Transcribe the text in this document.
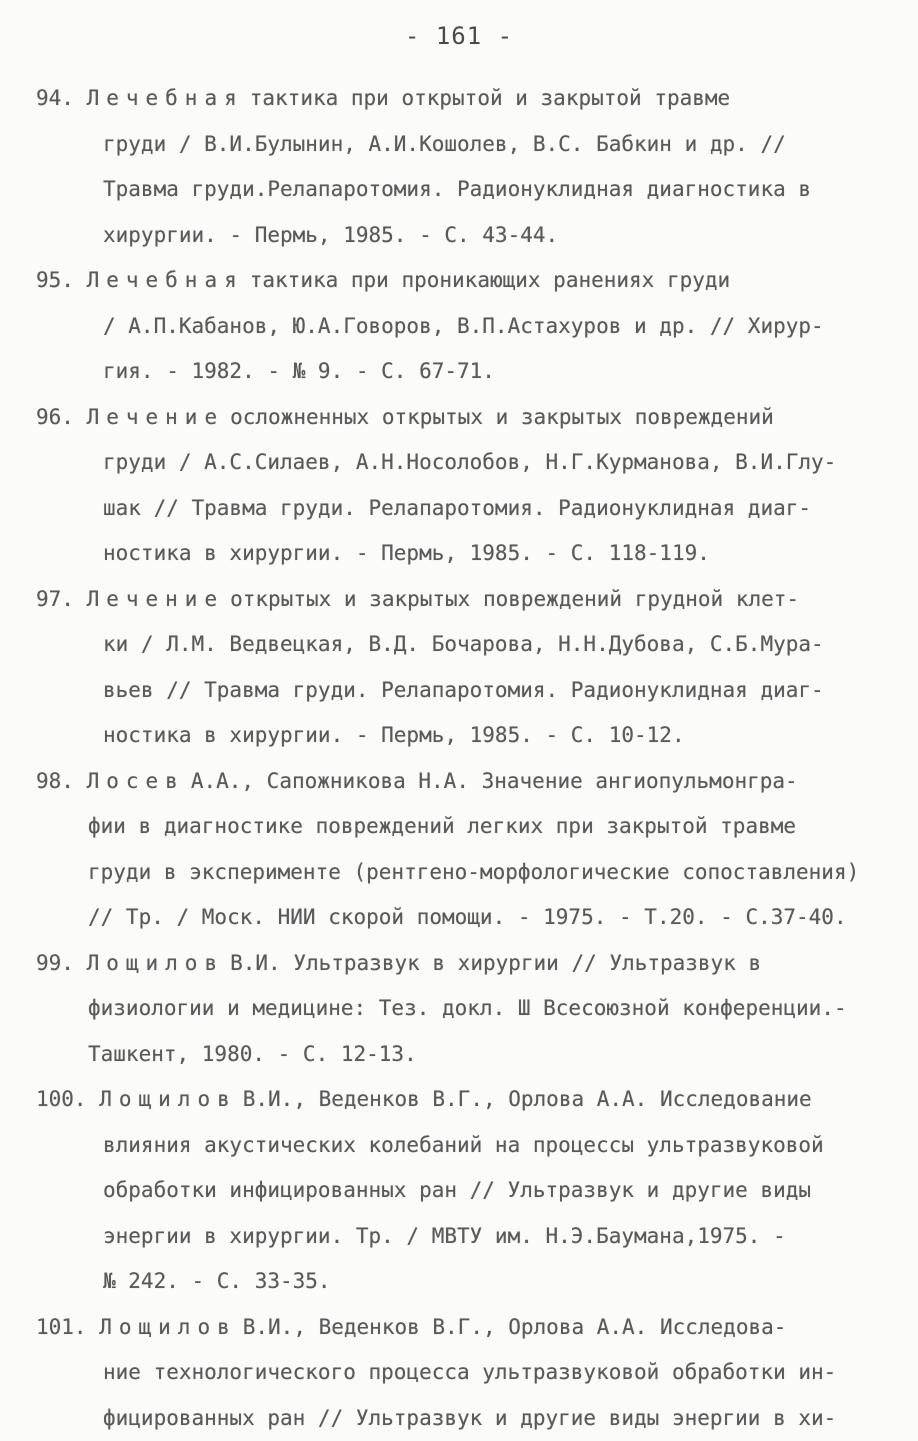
- 161 -
94. Лечебная тактика при открытой и закрытой травме
груди / В.И.Булынин, А.И.Кошолев, В.С. Бабкин и др. //
Травма груди.Релапаротомия. Радионуклидная диагностика в
хирургии. - Пермь, 1985. - С. 43-44.
95. Лечебная тактика при проникающих ранениях груди
/ А.П.Кабанов, Ю.А.Говоров, В.П.Астахуров и др. // Хирур-
гия. - 1982. - № 9. - С. 67-71.
96. Лечение осложненных открытых и закрытых повреждений
груди / А.С.Силаев, А.Н.Носолобов, Н.Г.Курманова, В.И.Глу-
шак // Травма груди. Релапаротомия. Радионуклидная диаг-
ностика в хирургии. - Пермь, 1985. - С. 118-119.
97. Лечение открытых и закрытых повреждений грудной клет-
ки / Л.М. Ведвецкая, В.Д. Бочарова, Н.Н.Дубова, С.Б.Мура-
вьев // Травма груди. Релапаротомия. Радионуклидная диаг-
ностика в хирургии. - Пермь, 1985. - С. 10-12.
98. Лосев А.А., Сапожникова Н.А. Значение ангиопульмонгра-
фии в диагностике повреждений легких при закрытой травме
груди в эксперименте (рентгено-морфологические сопоставления)
// Тр. / Моск. НИИ скорой помощи. - 1975. - Т.20. - С.37-40.
99. Лощилов В.И. Ультразвук в хирургии // Ультразвук в
физиологии и медицине: Тез. докл. Ш Всесоюзной конференции.-
Ташкент, 1980. - С. 12-13.
100. Лощилов В.И., Веденков В.Г., Орлова А.А. Исследование
влияния акустических колебаний на процессы ультразвуковой
обработки инфицированных ран // Ультразвук и другие виды
энергии в хирургии. Тр. / МВТУ им. Н.Э.Баумана,1975. -
№ 242. - С. 33-35.
101. Лощилов В.И., Веденков В.Г., Орлова А.А. Исследова-
ние технологического процесса ультразвуковой обработки ин-
фицированных ран // Ультразвук и другие виды энергии в хи-
